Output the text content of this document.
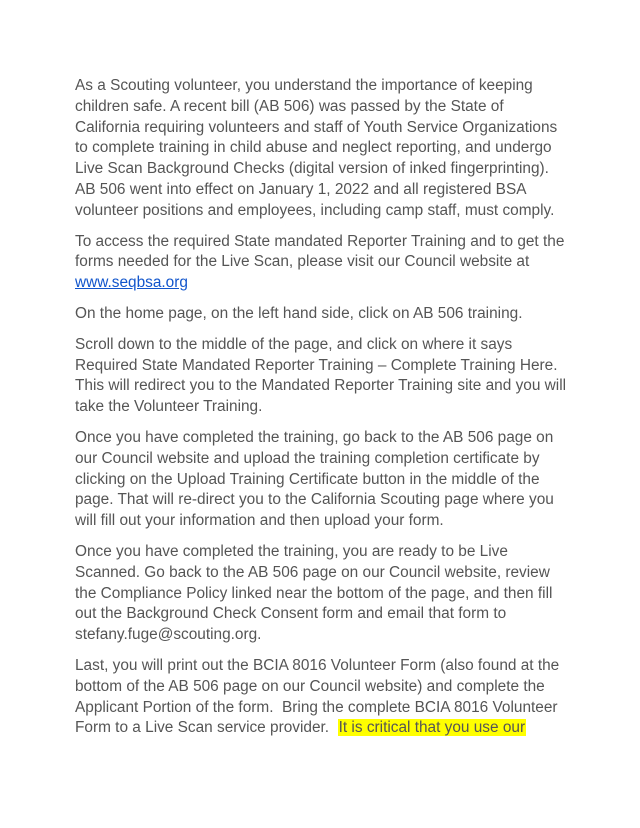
As a Scouting volunteer, you understand the importance of keeping children safe. A recent bill (AB 506) was passed by the State of California requiring volunteers and staff of Youth Service Organizations to complete training in child abuse and neglect reporting, and undergo Live Scan Background Checks (digital version of inked fingerprinting). AB 506 went into effect on January 1, 2022 and all registered BSA volunteer positions and employees, including camp staff, must comply.

To access the required State mandated Reporter Training and to get the forms needed for the Live Scan, please visit our Council website at
www.seqbsa.org

On the home page, on the left hand side, click on AB 506 training.

Scroll down to the middle of the page, and click on where it says Required State Mandated Reporter Training – Complete Training Here. This will redirect you to the Mandated Reporter Training site and you will take the Volunteer Training.

Once you have completed the training, go back to the AB 506 page on our Council website and upload the training completion certificate by clicking on the Upload Training Certificate button in the middle of the page. That will re-direct you to the California Scouting page where you will fill out your information and then upload your form.

Once you have completed the training, you are ready to be Live Scanned. Go back to the AB 506 page on our Council website, review the Compliance Policy linked near the bottom of the page, and then fill out the Background Check Consent form and email that form to stefany.fuge@scouting.org.

Last, you will print out the BCIA 8016 Volunteer Form (also found at the bottom of the AB 506 page on our Council website) and complete the Applicant Portion of the form.  Bring the complete BCIA 8016 Volunteer Form to a Live Scan service provider.  It is critical that you use our
